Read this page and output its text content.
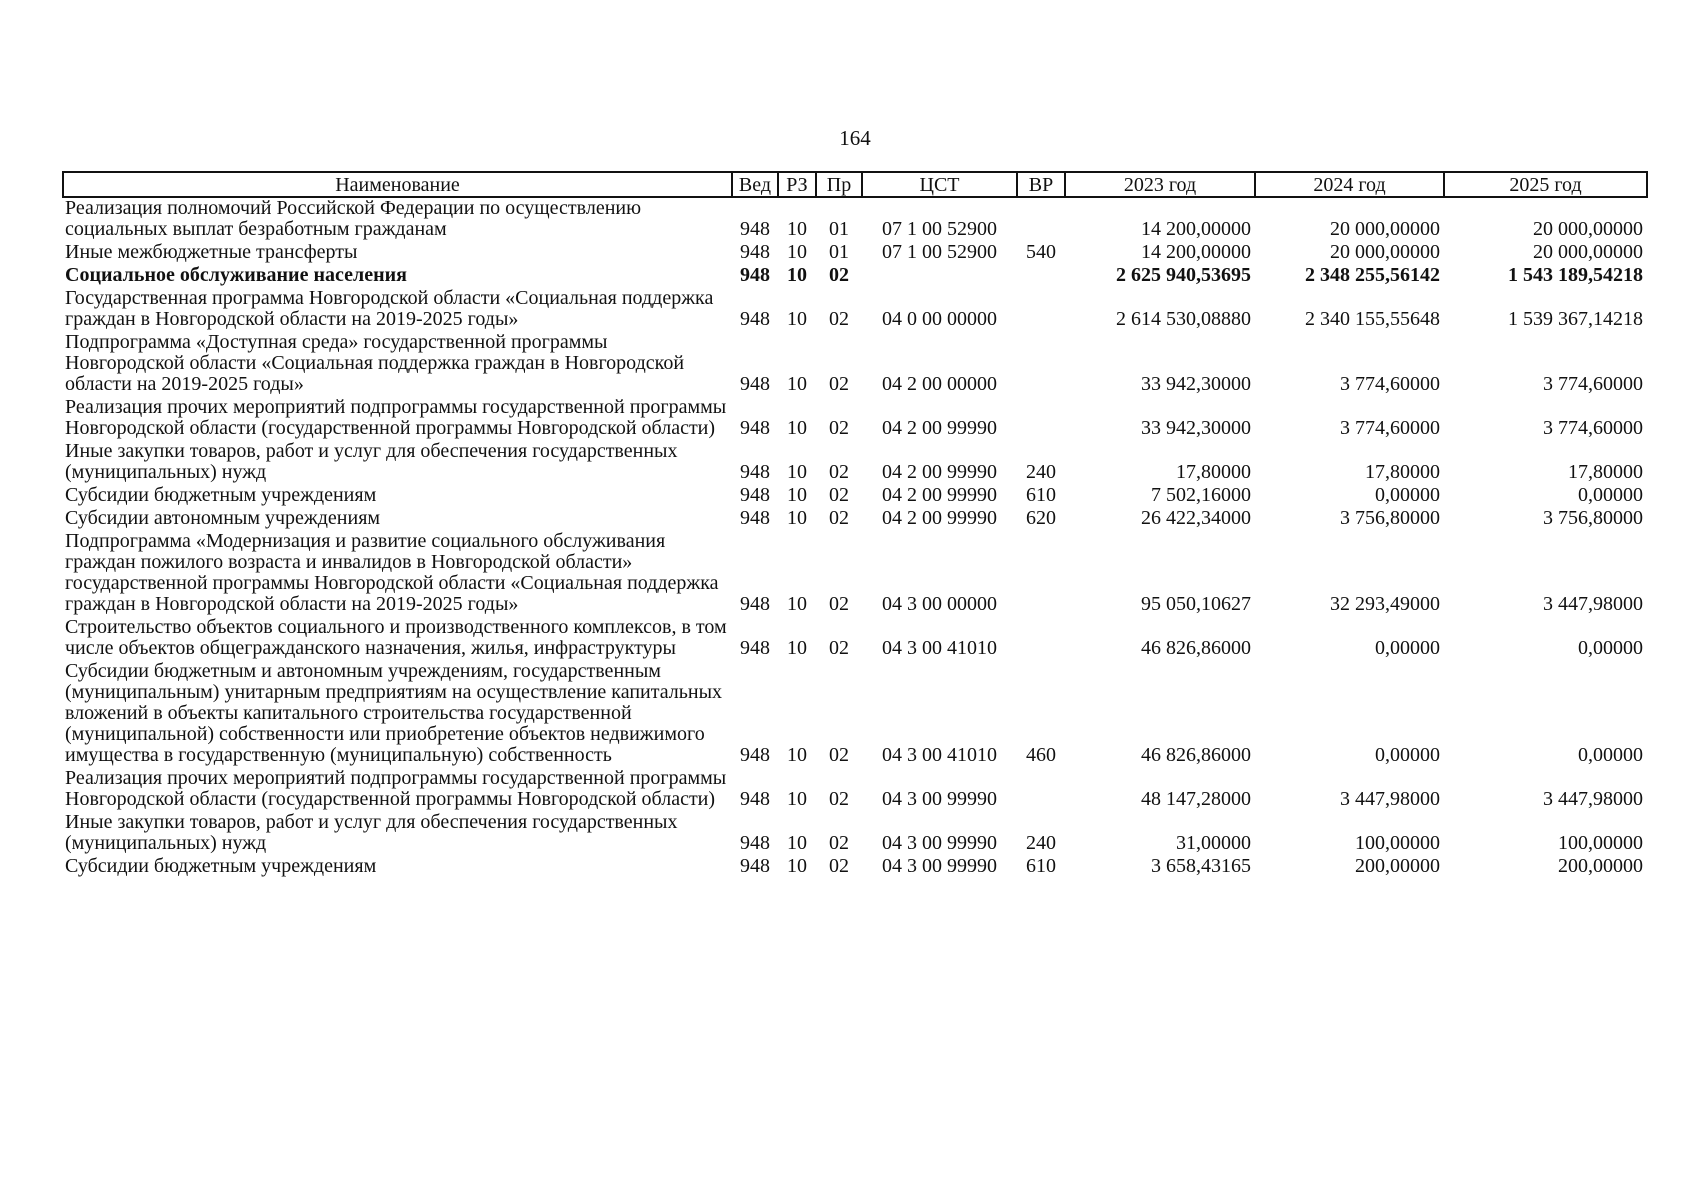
164
Наименование	Вед	РЗ	Пр	ЦСТ	ВР	2023 год	2024 год	2025 год
Реализация полномочий Российской Федерации по осуществлению социальных выплат безработным гражданам	948	10	01	07 1 00 52900		14 200,00000	20 000,00000	20 000,00000
Иные межбюджетные трансферты	948	10	01	07 1 00 52900	540	14 200,00000	20 000,00000	20 000,00000
Социальное обслуживание населения	948	10	02			2 625 940,53695	2 348 255,56142	1 543 189,54218
Государственная программа Новгородской области «Социальная поддержка граждан в Новгородской области на 2019-2025 годы»	948	10	02	04 0 00 00000		2 614 530,08880	2 340 155,55648	1 539 367,14218
Подпрограмма «Доступная среда» государственной программы Новгородской области «Социальная поддержка граждан в Новгородской области на 2019-2025 годы»	948	10	02	04 2 00 00000		33 942,30000	3 774,60000	3 774,60000
Реализация прочих мероприятий подпрограммы государственной программы Новгородской области (государственной программы Новгородской области)	948	10	02	04 2 00 99990		33 942,30000	3 774,60000	3 774,60000
Иные закупки товаров, работ и услуг для обеспечения государственных (муниципальных) нужд	948	10	02	04 2 00 99990	240	17,80000	17,80000	17,80000
Субсидии бюджетным учреждениям	948	10	02	04 2 00 99990	610	7 502,16000	0,00000	0,00000
Субсидии автономным учреждениям	948	10	02	04 2 00 99990	620	26 422,34000	3 756,80000	3 756,80000
Подпрограмма «Модернизация и развитие социального обслуживания граждан пожилого возраста и инвалидов в Новгородской области» государственной программы Новгородской области «Социальная поддержка граждан в Новгородской области на 2019-2025 годы»	948	10	02	04 3 00 00000		95 050,10627	32 293,49000	3 447,98000
Строительство объектов социального и производственного комплексов, в том числе объектов общегражданского назначения, жилья, инфраструктуры	948	10	02	04 3 00 41010		46 826,86000	0,00000	0,00000
Субсидии бюджетным и автономным учреждениям, государственным (муниципальным) унитарным предприятиям на осуществление капитальных вложений в объекты капитального строительства государственной (муниципальной) собственности или приобретение объектов недвижимого имущества в государственную (муниципальную) собственность	948	10	02	04 3 00 41010	460	46 826,86000	0,00000	0,00000
Реализация прочих мероприятий подпрограммы государственной программы Новгородской области (государственной программы Новгородской области)	948	10	02	04 3 00 99990		48 147,28000	3 447,98000	3 447,98000
Иные закупки товаров, работ и услуг для обеспечения государственных (муниципальных) нужд	948	10	02	04 3 00 99990	240	31,00000	100,00000	100,00000
Субсидии бюджетным учреждениям	948	10	02	04 3 00 99990	610	3 658,43165	200,00000	200,00000
